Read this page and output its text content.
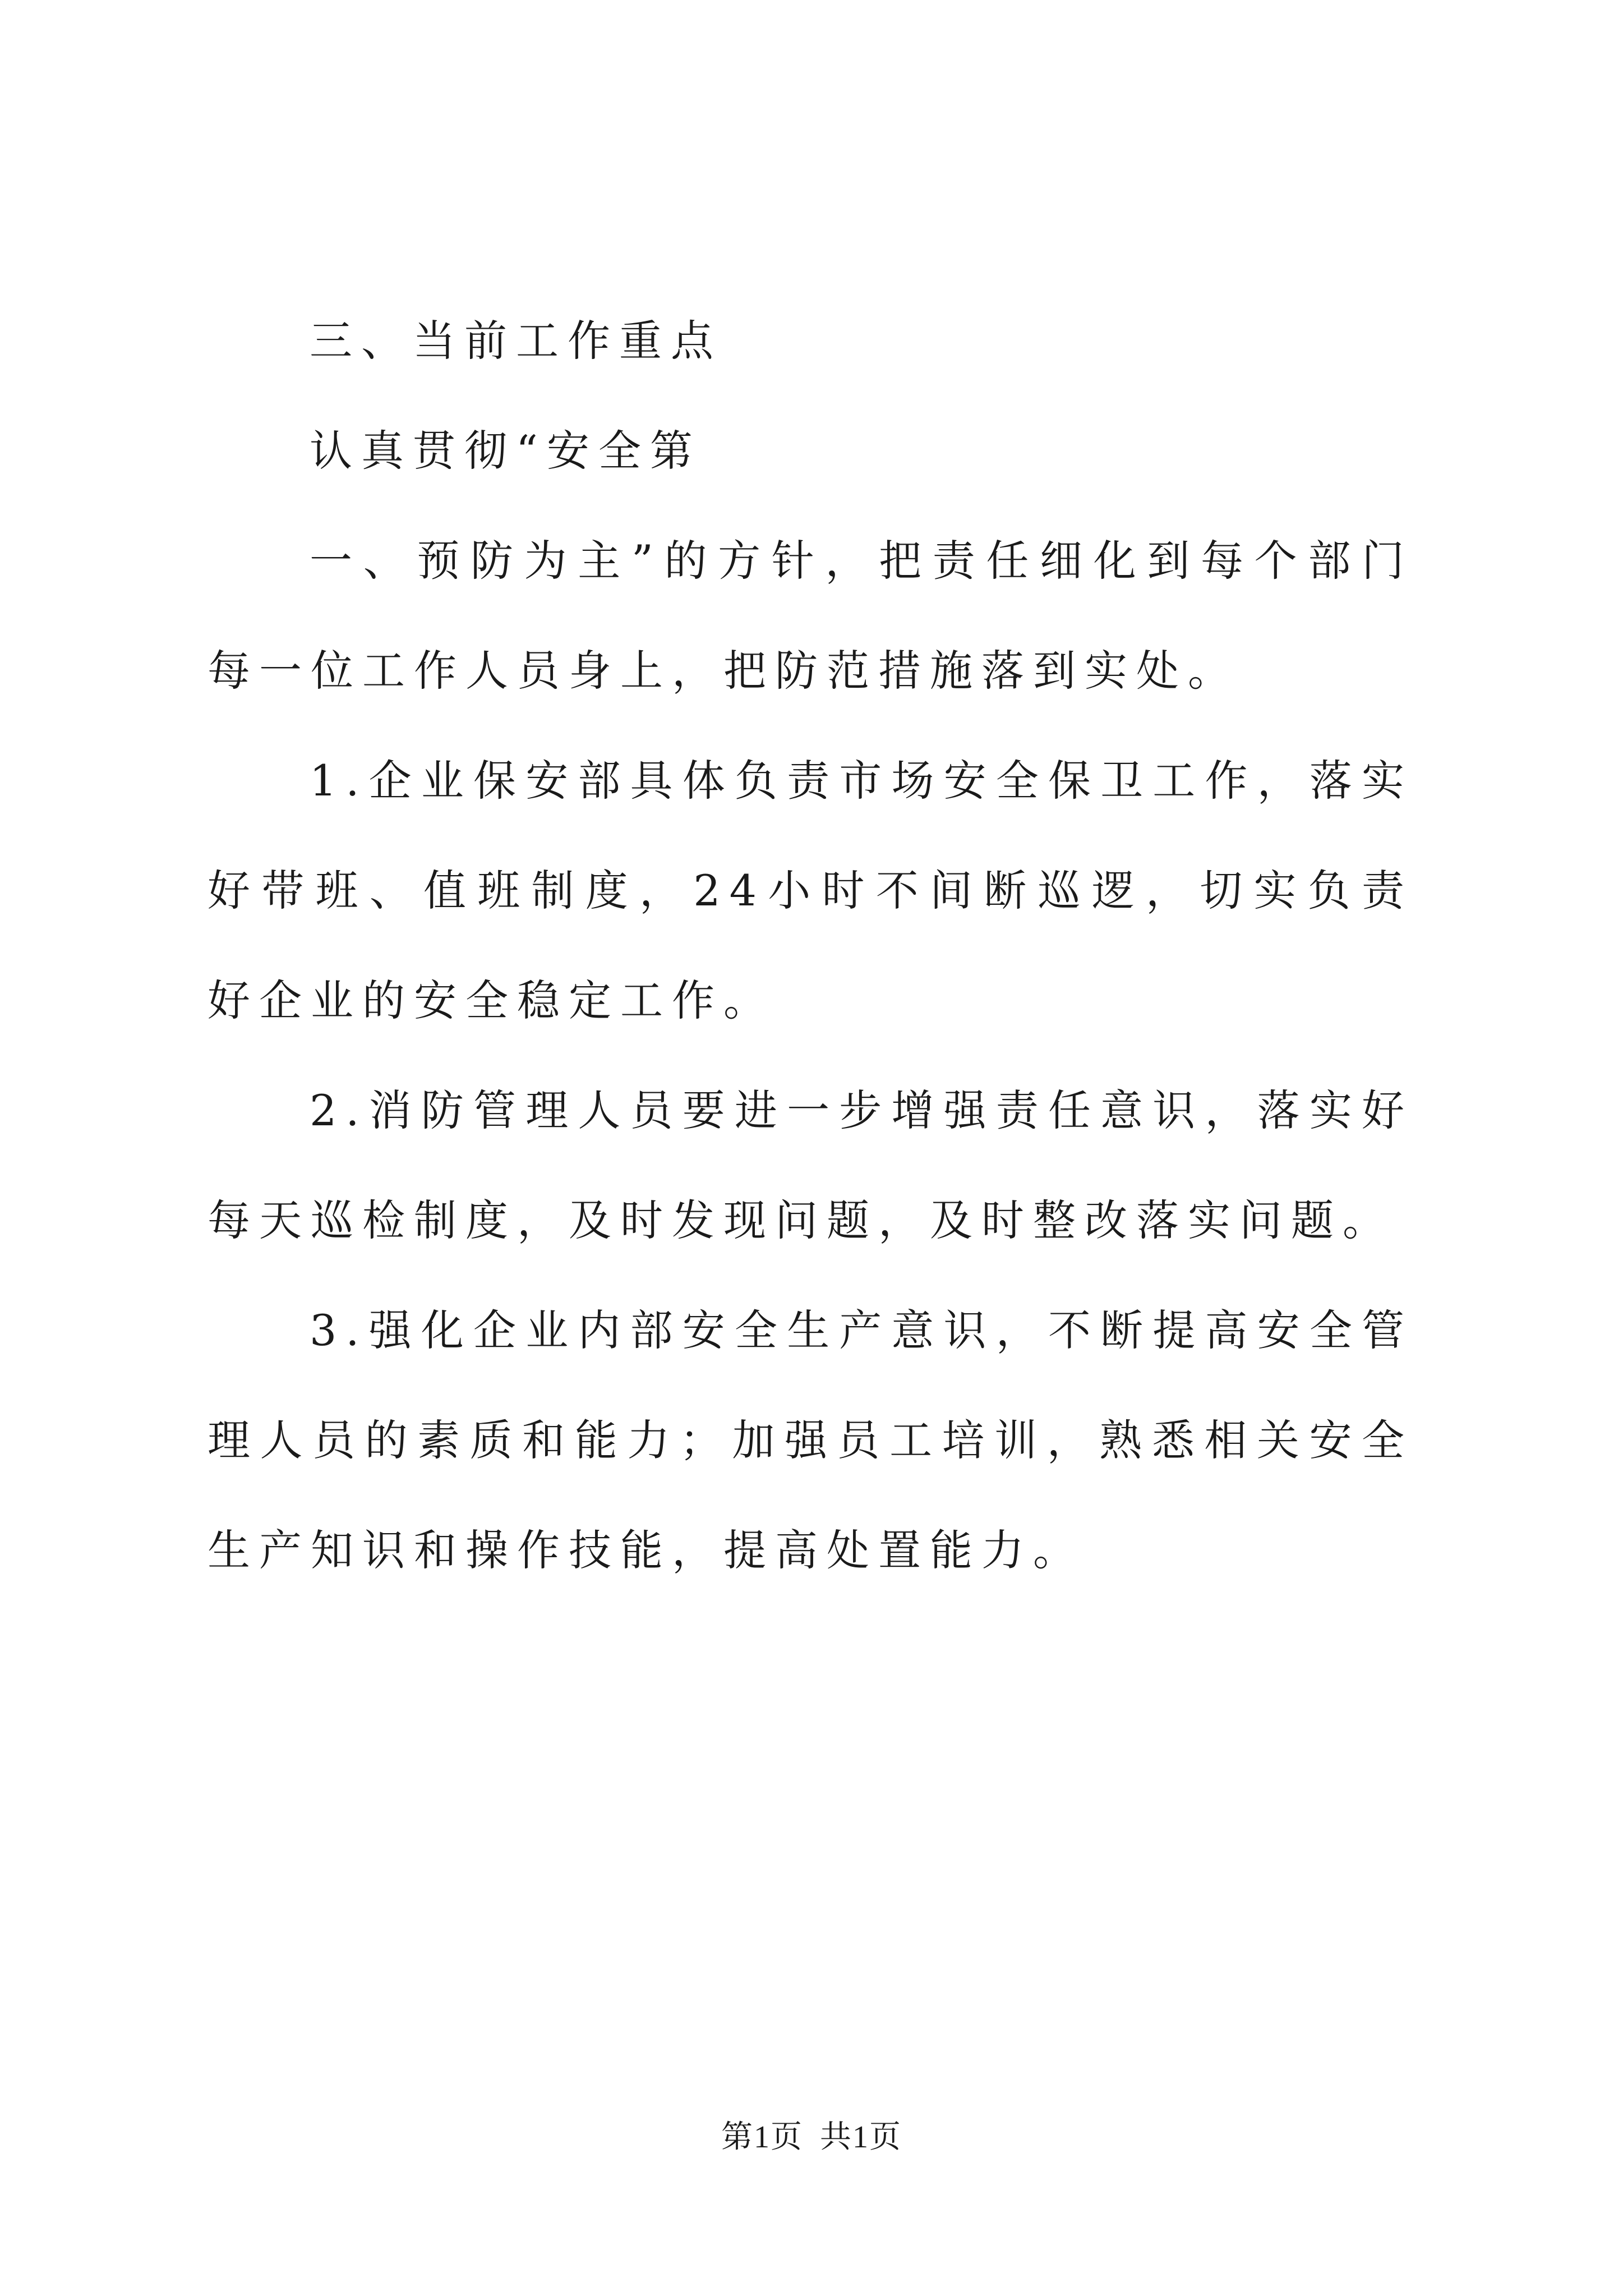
三、当前工作重点

认真贯彻“安全第

一、预防为主”的方针，把责任细化到每个部门每一位工作人员身上，把防范措施落到实处。

1.企业保安部具体负责市场安全保卫工作，落实好带班、值班制度，24小时不间断巡逻，切实负责好企业的安全稳定工作。

2.消防管理人员要进一步增强责任意识，落实好每天巡检制度，及时发现问题，及时整改落实问题。

3.强化企业内部安全生产意识，不断提高安全管理人员的素质和能力；加强员工培训，熟悉相关安全生产知识和操作技能，提高处置能力。

第1页 共1页
